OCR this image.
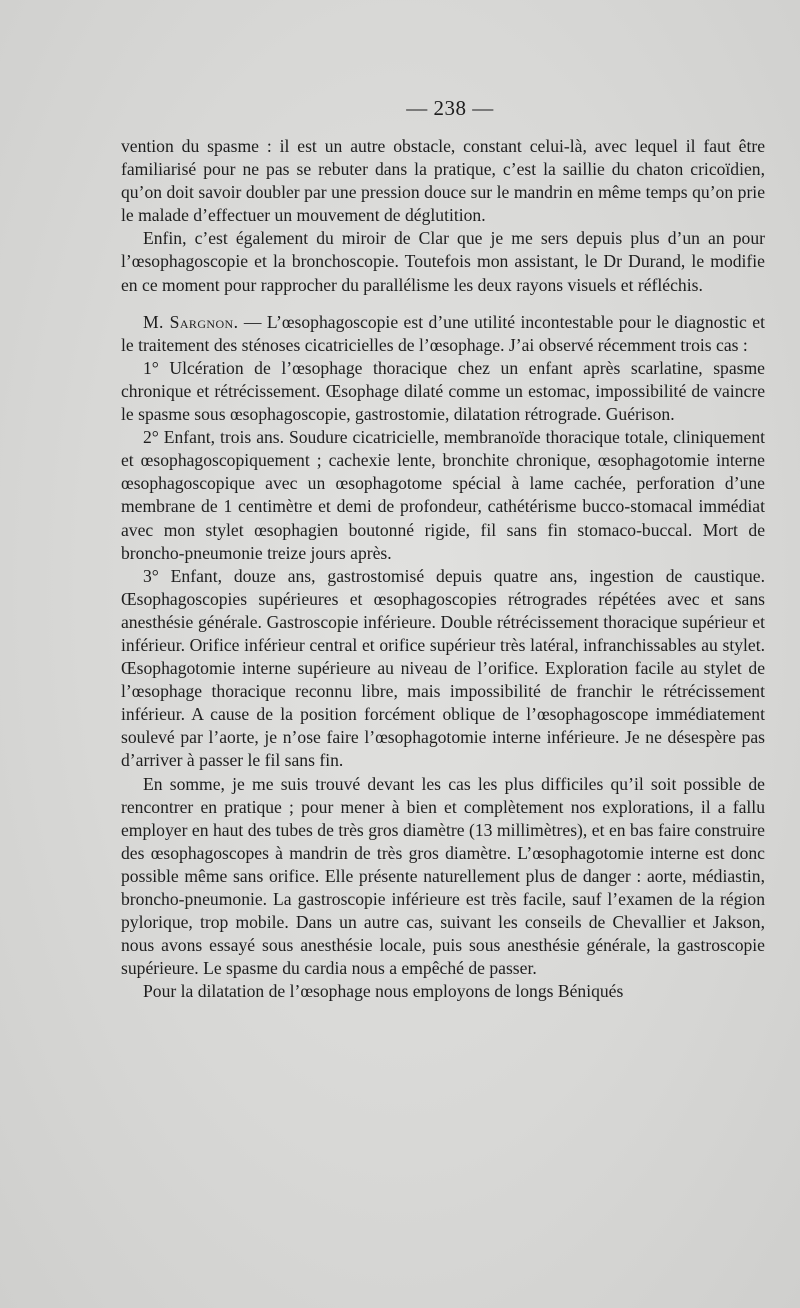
— 238 —

vention du spasme : il est un autre obstacle, constant celui-là, avec lequel il faut être familiarisé pour ne pas se rebuter dans la pratique, c’est la saillie du chaton cricoïdien, qu’on doit savoir doubler par une pression douce sur le mandrin en même temps qu’on prie le malade d’effectuer un mouvement de déglutition.

Enfin, c’est également du miroir de Clar que je me sers depuis plus d’un an pour l’œsophagoscopie et la bronchoscopie. Toutefois mon assistant, le Dr Durand, le modifie en ce moment pour rapprocher du parallélisme les deux rayons visuels et réfléchis.

M. Sargnon. — L’œsophagoscopie est d’une utilité incontestable pour le diagnostic et le traitement des sténoses cicatricielles de l’œsophage. J’ai observé récemment trois cas :

1° Ulcération de l’œsophage thoracique chez un enfant après scarlatine, spasme chronique et rétrécissement. Œsophage dilaté comme un estomac, impossibilité de vaincre le spasme sous œsophagoscopie, gastrostomie, dilatation rétrograde. Guérison.

2° Enfant, trois ans. Soudure cicatricielle, membranoïde thoracique totale, cliniquement et œsophagoscopiquement ; cachexie lente, bronchite chronique, œsophagotomie interne œsophagoscopique avec un œsophagotome spécial à lame cachée, perforation d’une membrane de 1 centimètre et demi de profondeur, cathétérisme bucco-stomacal immédiat avec mon stylet œsophagien boutonné rigide, fil sans fin stomaco-buccal. Mort de broncho-pneumonie treize jours après.

3° Enfant, douze ans, gastrostomisé depuis quatre ans, ingestion de caustique. Œsophagoscopies supérieures et œsophagoscopies rétrogrades répétées avec et sans anesthésie générale. Gastroscopie inférieure. Double rétrécissement thoracique supérieur et inférieur. Orifice inférieur central et orifice supérieur très latéral, infranchissables au stylet. Œsophagotomie interne supérieure au niveau de l’orifice. Exploration facile au stylet de l’œsophage thoracique reconnu libre, mais impossibilité de franchir le rétrécissement inférieur. A cause de la position forcément oblique de l’œsophagoscope immédiatement soulevé par l’aorte, je n’ose faire l’œsophagotomie interne inférieure. Je ne désespère pas d’arriver à passer le fil sans fin.

En somme, je me suis trouvé devant les cas les plus difficiles qu’il soit possible de rencontrer en pratique ; pour mener à bien et complètement nos explorations, il a fallu employer en haut des tubes de très gros diamètre (13 millimètres), et en bas faire construire des œsophagoscopes à mandrin de très gros diamètre. L’œsophagotomie interne est donc possible même sans orifice. Elle présente naturellement plus de danger : aorte, médiastin, broncho-pneumonie. La gastroscopie inférieure est très facile, sauf l’examen de la région pylorique, trop mobile. Dans un autre cas, suivant les conseils de Chevallier et Jakson, nous avons essayé sous anesthésie locale, puis sous anesthésie générale, la gastroscopie supérieure. Le spasme du cardia nous a empêché de passer.

Pour la dilatation de l’œsophage nous employons de longs Béniqués
